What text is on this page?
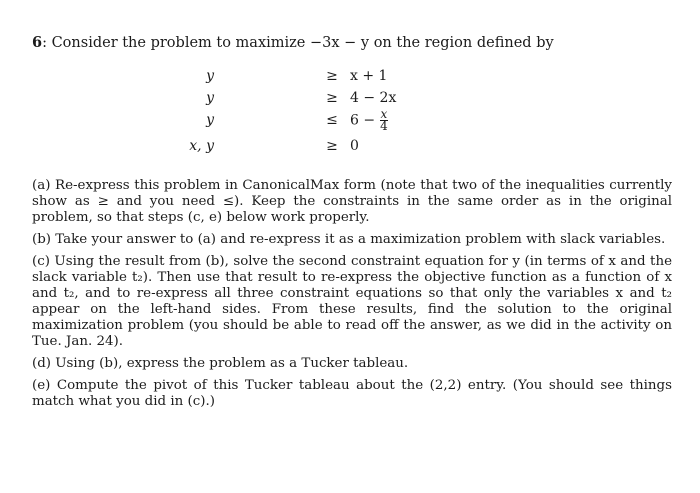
6: Consider the problem to maximize −3x − y on the region defined by
y	≥ x + 1
y	≥ 4 − 2x
y	≤ $6 - \frac{x}{4}$
x, y	≥ 0

(a) Re-express this problem in CanonicalMax form (note that two of the inequalities currently show as ≥ and you need ≤). Keep the constraints in the same order as in the original problem, so that steps (c, e) below work properly.

(b) Take your answer to (a) and re-express it as a maximization problem with slack variables.

(c) Using the result from (b), solve the second constraint equation for y (in terms of x and the slack variable t₂). Then use that result to re-express the objective function as a function of x and t₂, and to re-express all three constraint equations so that only the variables x and t₂ appear on the left-hand sides. From these results, find the solution to the original maximization problem (you should be able to read off the answer, as we did in the activity on Tue. Jan. 24).

(d) Using (b), express the problem as a Tucker tableau.

(e) Compute the pivot of this Tucker tableau about the (2,2) entry. (You should see things match what you did in (c).)
